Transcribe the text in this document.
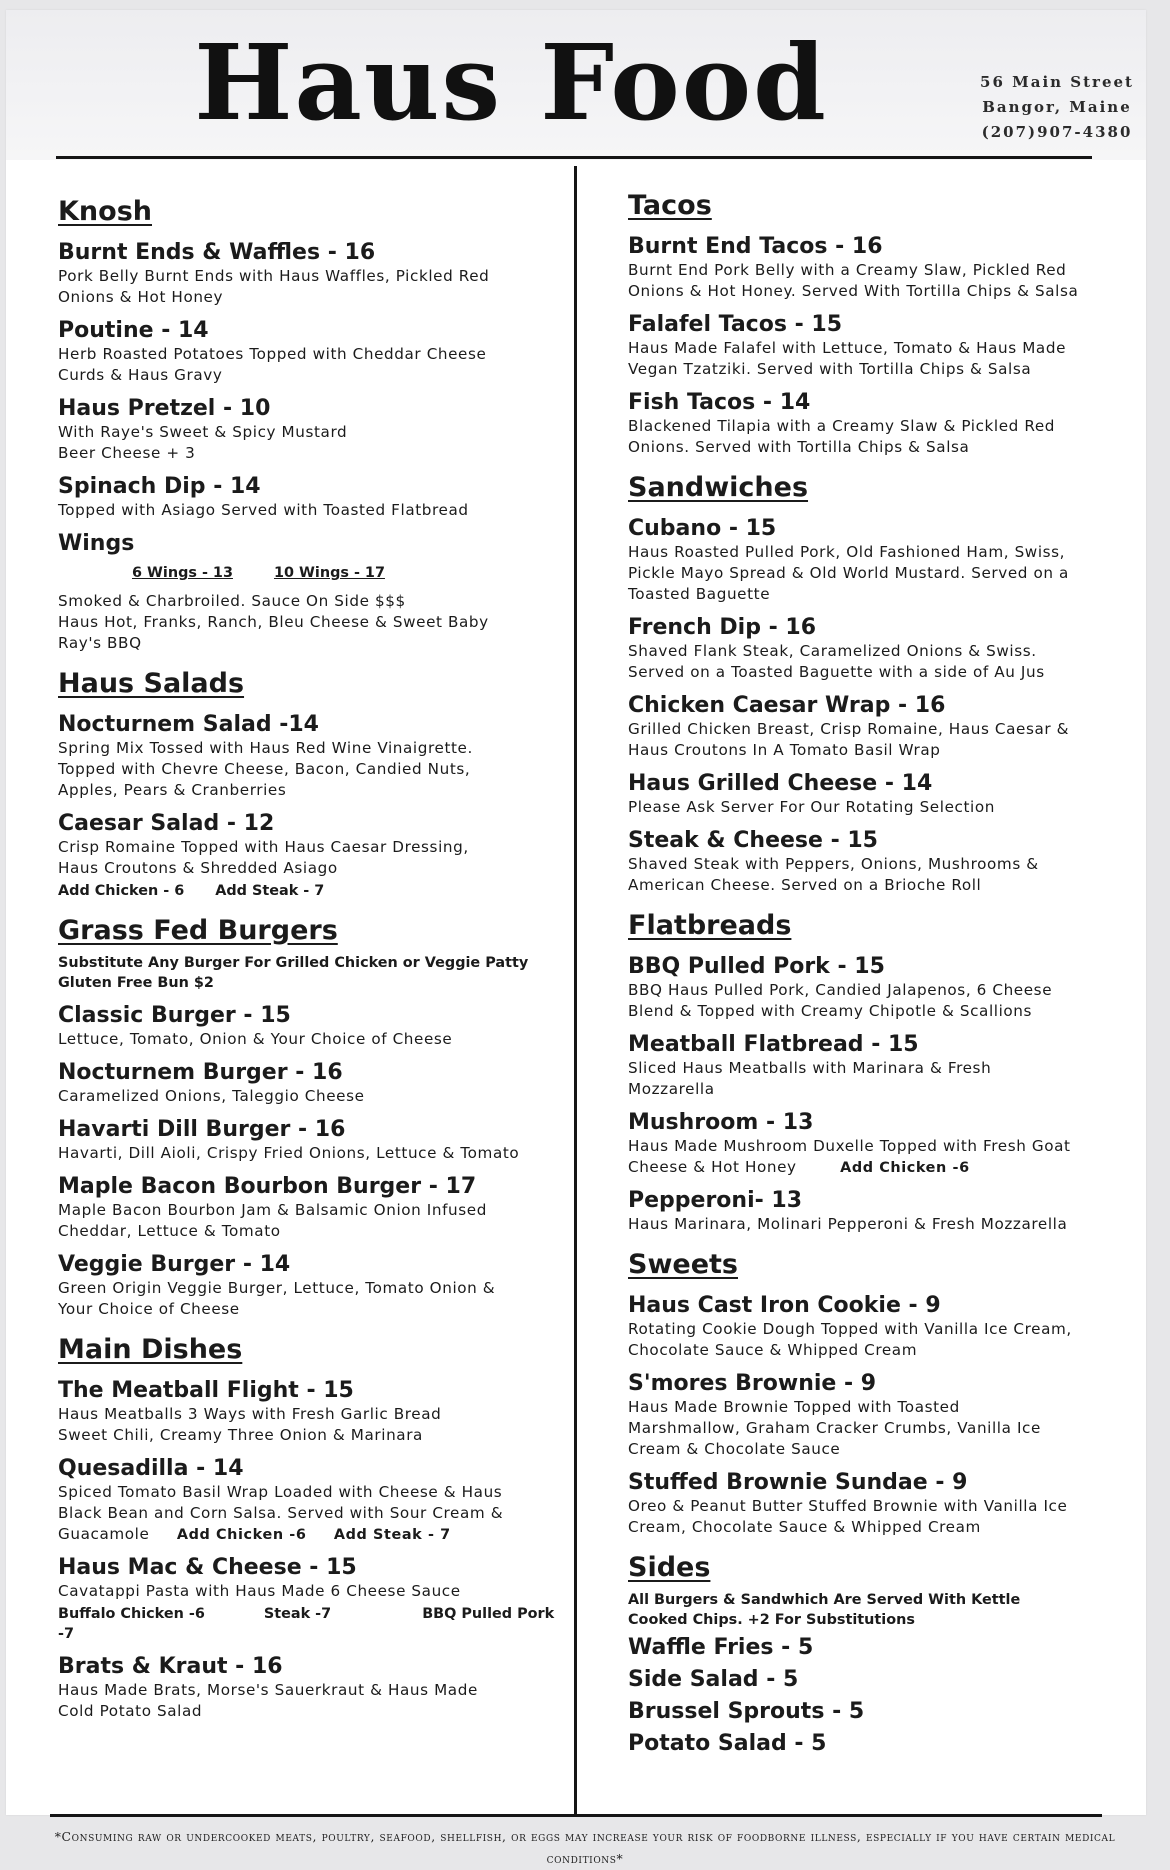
Haus Food	56 Main Street
Bangor, Maine
(207)907-4380
Knosh
Burnt Ends & Waffles - 16
Pork Belly Burnt Ends with Haus Waffles, Pickled Red
Onions & Hot Honey
Poutine - 14
Herb Roasted Potatoes Topped with Cheddar Cheese
Curds & Haus Gravy
Haus Pretzel - 10
With Raye's Sweet & Spicy Mustard
Beer Cheese + 3
Spinach Dip - 14
Topped with Asiago Served with Toasted Flatbread
Wings
6 Wings - 13	10 Wings - 17
Smoked & Charbroiled. Sauce On Side $$$
Haus Hot, Franks, Ranch, Bleu Cheese & Sweet Baby
Ray's BBQ
Haus Salads
Nocturnem Salad -14
Spring Mix Tossed with Haus Red Wine Vinaigrette.
Topped with Chevre Cheese, Bacon, Candied Nuts,
Apples, Pears & Cranberries
Caesar Salad - 12
Crisp Romaine Topped with Haus Caesar Dressing,
Haus Croutons & Shredded Asiago
Add Chicken - 6 Add Steak - 7
Grass Fed Burgers
Substitute Any Burger For Grilled Chicken or Veggie Patty
Gluten Free Bun $2
Classic Burger - 15
Lettuce, Tomato, Onion & Your Choice of Cheese
Nocturnem Burger - 16
Caramelized Onions, Taleggio Cheese
Havarti Dill Burger - 16
Havarti, Dill Aioli, Crispy Fried Onions, Lettuce & Tomato
Maple Bacon Bourbon Burger - 17
Maple Bacon Bourbon Jam & Balsamic Onion Infused
Cheddar, Lettuce & Tomato
Veggie Burger - 14
Green Origin Veggie Burger, Lettuce, Tomato Onion &
Your Choice of Cheese
Main Dishes
The Meatball Flight - 15
Haus Meatballs 3 Ways with Fresh Garlic Bread
Sweet Chili, Creamy Three Onion & Marinara
Quesadilla - 14
Spiced Tomato Basil Wrap Loaded with Cheese & Haus
Black Bean and Corn Salsa. Served with Sour Cream &
Guacamole Add Chicken -6 Add Steak - 7
Haus Mac & Cheese - 15
Cavatappi Pasta with Haus Made 6 Cheese Sauce
Buffalo Chicken -6	Steak -7	BBQ Pulled Pork -7
Brats & Kraut - 16
Haus Made Brats, Morse's Sauerkraut & Haus Made
Cold Potato Salad
Tacos
Burnt End Tacos - 16
Burnt End Pork Belly with a Creamy Slaw, Pickled Red
Onions & Hot Honey. Served With Tortilla Chips & Salsa
Falafel Tacos - 15
Haus Made Falafel with Lettuce, Tomato & Haus Made
Vegan Tzatziki. Served with Tortilla Chips & Salsa
Fish Tacos - 14
Blackened Tilapia with a Creamy Slaw & Pickled Red
Onions. Served with Tortilla Chips & Salsa
Sandwiches
Cubano - 15
Haus Roasted Pulled Pork, Old Fashioned Ham, Swiss,
Pickle Mayo Spread & Old World Mustard. Served on a
Toasted Baguette
French Dip - 16
Shaved Flank Steak, Caramelized Onions & Swiss.
Served on a Toasted Baguette with a side of Au Jus
Chicken Caesar Wrap - 16
Grilled Chicken Breast, Crisp Romaine, Haus Caesar &
Haus Croutons In A Tomato Basil Wrap
Haus Grilled Cheese - 14
Please Ask Server For Our Rotating Selection
Steak & Cheese - 15
Shaved Steak with Peppers, Onions, Mushrooms &
American Cheese. Served on a Brioche Roll
Flatbreads
BBQ Pulled Pork - 15
BBQ Haus Pulled Pork, Candied Jalapenos, 6 Cheese
Blend & Topped with Creamy Chipotle & Scallions
Meatball Flatbread - 15
Sliced Haus Meatballs with Marinara & Fresh
Mozzarella
Mushroom - 13
Haus Made Mushroom Duxelle Topped with Fresh Goat
Cheese & Hot Honey	Add Chicken -6
Pepperoni- 13
Haus Marinara, Molinari Pepperoni & Fresh Mozzarella
Sweets
Haus Cast Iron Cookie - 9
Rotating Cookie Dough Topped with Vanilla Ice Cream,
Chocolate Sauce & Whipped Cream
S'mores Brownie - 9
Haus Made Brownie Topped with Toasted
Marshmallow, Graham Cracker Crumbs, Vanilla Ice
Cream & Chocolate Sauce
Stuffed Brownie Sundae - 9
Oreo & Peanut Butter Stuffed Brownie with Vanilla Ice
Cream, Chocolate Sauce & Whipped Cream
Sides
All Burgers & Sandwhich Are Served With Kettle
Cooked Chips. +2 For Substitutions
Waffle Fries - 5
Side Salad - 5
Brussel Sprouts - 5
Potato Salad - 5
*Consuming raw or undercooked meats, poultry, seafood, shellfish, or eggs may increase your risk of foodborne illness, especially if you have certain medical
conditions*
